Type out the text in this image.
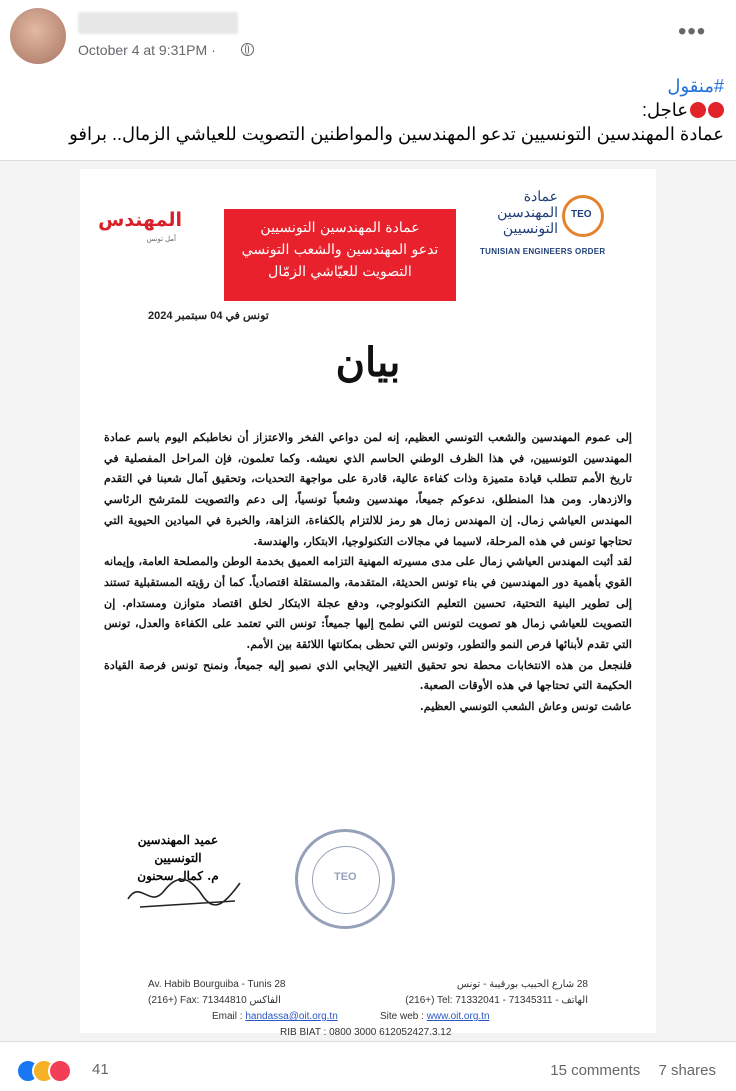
October 4 at 9:31PM ·
•••
#منقول
عاجل:
عمادة المهندسين التونسيين تدعو المهندسين والمواطنين التصويت للعياشي الزمال.. برافو
المهندس
أمل تونس
عمادة المهندسين التونسيين
تدعو المهندسين والشعب التونسي
التصويت للعيّاشي الزمّال
عمادة
المهندسين
التونسيين
TEO
TUNISIAN ENGINEERS ORDER
تونس في 04 سبتمبر 2024
بيان

إلى عموم المهندسين والشعب التونسي العظيم، إنه لمن دواعي الفخر والاعتزاز أن نخاطبكم اليوم باسم عمادة المهندسين التونسيين، في هذا الظرف الوطني الحاسم الذي نعيشه. وكما تعلمون، فإن المراحل المفصلية في تاريخ الأمم تتطلب قيادة متميزة وذات كفاءة عالية، قادرة على مواجهة التحديات، وتحقيق آمال شعبنا في التقدم والازدهار. ومن هذا المنطلق، ندعوكم جميعاً، مهندسين وشعباً تونسياً، إلى دعم والتصويت للمترشح الرئاسي المهندس العياشي زمال. إن المهندس زمال هو رمز للالتزام بالكفاءة، النزاهة، والخبرة في الميادين الحيوية التي تحتاجها تونس في هذه المرحلة، لاسيما في مجالات التكنولوجيا، الابتكار، والهندسة.

لقد أثبت المهندس العياشي زمال على مدى مسيرته المهنية التزامه العميق بخدمة الوطن والمصلحة العامة، وإيمانه القوي بأهمية دور المهندسين في بناء تونس الحديثة، المتقدمة، والمستقلة اقتصادياً. كما أن رؤيته المستقبلية تستند إلى تطوير البنية التحتية، تحسين التعليم التكنولوجي، ودفع عجلة الابتكار لخلق اقتصاد متوازن ومستدام. إن التصويت للعياشي زمال هو تصويت لتونس التي نطمح إليها جميعاً: تونس التي تعتمد على الكفاءة والعدل، تونس التي تقدم لأبنائها فرص النمو والتطور، وتونس التي تحظى بمكانتها اللائقة بين الأمم.

فلنجعل من هذه الانتخابات محطة نحو تحقيق التغيير الإيجابي الذي نصبو إليه جميعاً، ونمنح تونس فرصة القيادة الحكيمة التي تحتاجها في هذه الأوقات الصعبة.

عاشت تونس وعاش الشعب التونسي العظيم.

عميد المهندسين التونسيين
م. كمال سحنون
TEO
Av. Habib Bourguiba - Tunis 28	28 شارع الحبيب بورقيبة - تونس
(216+) Fax: 71344810 الفاكس	(216+) Tel: 71332041 - 71345311 - الهاتف
Email : handassa@oit.org.tn	Site web : www.oit.org.tn
RIB BIAT : 0800 3000 612052427.3.12
41	15 comments 7 shares
